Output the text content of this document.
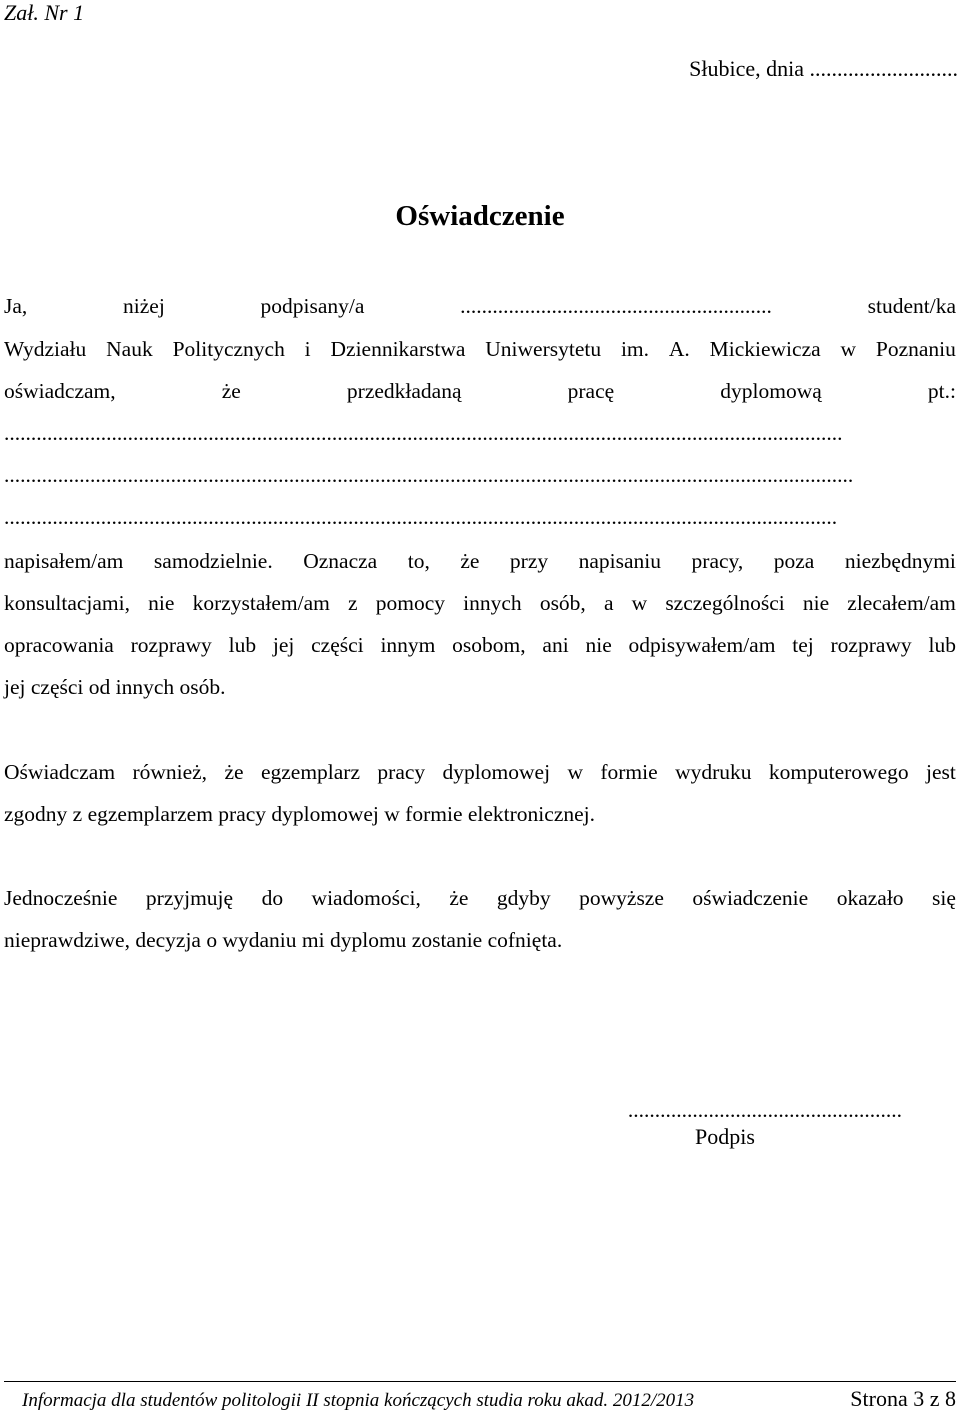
Zał. Nr 1
Słubice, dnia ...........................
Oświadczenie
Ja,	niżej	podpisany/a	..........................................................	student/ka
Wydziału Nauk Politycznych i Dziennikarstwa Uniwersytetu im. A. Mickiewicza w Poznaniu
oświadczam,	że	przedkładaną	pracę	dyplomową	pt.:
............................................................................................................................................................
..............................................................................................................................................................
...........................................................................................................................................................
napisałem/am samodzielnie. Oznacza to, że przy napisaniu pracy, poza niezbędnymi
konsultacjami, nie korzystałem/am z pomocy innych osób, a w szczególności nie zlecałem/am
opracowania rozprawy lub jej części innym osobom, ani nie odpisywałem/am tej rozprawy lub
jej części od innych osób.
Oświadczam również, że egzemplarz pracy dyplomowej w formie wydruku komputerowego jest
zgodny z egzemplarzem pracy dyplomowej w formie elektronicznej.
Jednocześnie przyjmuję do wiadomości, że gdyby powyższe oświadczenie okazało się
nieprawdziwe, decyzja o wydaniu mi dyplomu zostanie cofnięta.
...................................................
Podpis
Informacja dla studentów politologii II stopnia kończących studia roku akad. 2012/2013	Strona 3 z 8
